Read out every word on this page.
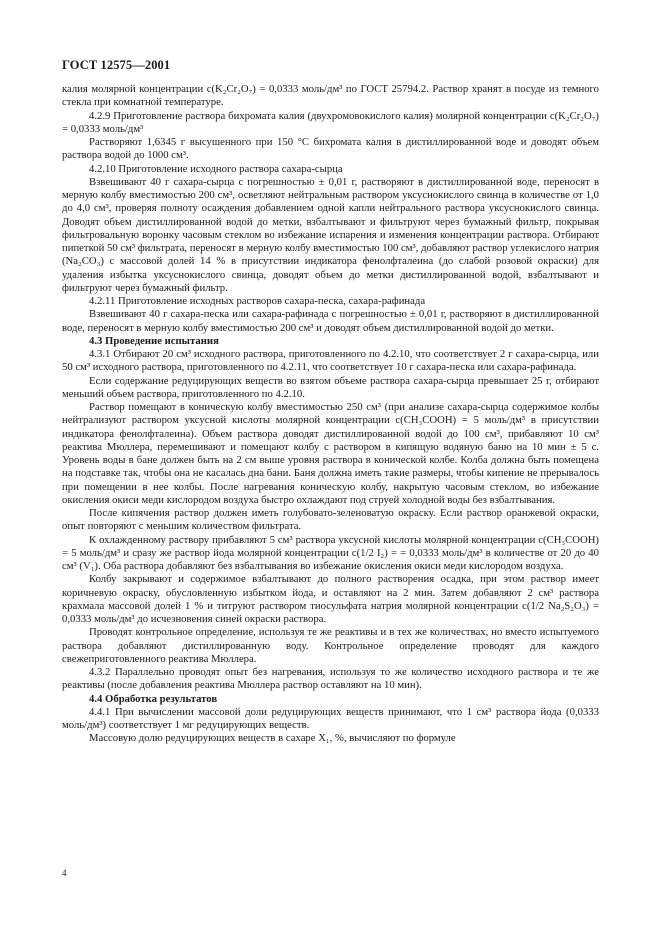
ГОСТ 12575—2001

калия молярной концентрации c(K₂Cr₂O₇) = 0,0333 моль/дм³ по ГОСТ 25794.2. Раствор хранят в посуде из темного стекла при комнатной температуре.

4.2.9 Приготовление раствора бихромата калия (двухромовокислого калия) молярной концентрации c(K₂Cr₂O₇) = 0,0333 моль/дм³

Растворяют 1,6345 г высушенного при 150 °С бихромата калия в дистиллированной воде и доводят объем раствора водой до 1000 см³.

4.2.10 Приготовление исходного раствора сахара-сырца

Взвешивают 40 г сахара-сырца с погрешностью ± 0,01 г, растворяют в дистиллированной воде, переносят в мерную колбу вместимостью 200 см³, осветляют нейтральным раствором уксуснокислого свинца в количестве от 1,0 до 4,0 см³, проверяя полноту осаждения добавлением одной капли нейтрального раствора уксуснокислого свинца. Доводят объем дистиллированной водой до метки, взбалтывают и фильтруют через бумажный фильтр, покрывая фильтровальную воронку часовым стеклом во избежание испарения и изменения концентрации раствора. Отбирают пипеткой 50 см³ фильтрата, переносят в мерную колбу вместимостью 100 см³, добавляют раствор углекислого натрия (Na₂CO₃) с массовой долей 14 % в присутствии индикатора фенолфталеина (до слабой розовой окраски) для удаления избытка уксуснокислого свинца, доводят объем до метки дистиллированной водой, взбалтывают и фильтруют через бумажный фильтр.

4.2.11 Приготовление исходных растворов сахара-песка, сахара-рафинада

Взвешивают 40 г сахара-песка или сахара-рафинада с погрешностью ± 0,01 г, растворяют в дистиллированной воде, переносят в мерную колбу вместимостью 200 см³ и доводят объем дистиллированной водой до метки.

4.3 Проведение испытания

4.3.1 Отбирают 20 см³ исходного раствора, приготовленного по 4.2.10, что соответствует 2 г сахара-сырца, или 50 см³ исходного раствора, приготовленного по 4.2.11, что соответствует 10 г сахара-песка или сахара-рафинада.

Если содержание редуцирующих веществ во взятом объеме раствора сахара-сырца превышает 25 г, отбирают меньший объем раствора, приготовленного по 4.2.10.

Раствор помещают в коническую колбу вместимостью 250 см³ (при анализе сахара-сырца содержимое колбы нейтрализуют раствором уксусной кислоты молярной концентрации c(CH₃COOH) = 5 моль/дм³ в присутствии индикатора фенолфталеина). Объем раствора доводят дистиллированной водой до 100 см³, прибавляют 10 см³ реактива Мюллера, перемешивают и помещают колбу с раствором в кипящую водяную баню на 10 мин ± 5 с. Уровень воды в бане должен быть на 2 см выше уровня раствора в конической колбе. Колба должна быть помещена на подставке так, чтобы она не касалась дна бани. Баня должна иметь такие размеры, чтобы кипение не прерывалось при помещении в нее колбы. После нагревания коническую колбу, накрытую часовым стеклом, во избежание окисления окиси меди кислородом воздуха быстро охлаждают под струей холодной воды без взбалтывания.

После кипячения раствор должен иметь голубовато-зеленоватую окраску. Если раствор оранжевой окраски, опыт повторяют с меньшим количеством фильтрата.

К охлажденному раствору прибавляют 5 см³ раствора уксусной кислоты молярной концентрации c(CH₃COOH) = 5 моль/дм³ и сразу же раствор йода молярной концентрации c(1/2 I₂) = = 0,0333 моль/дм³ в количестве от 20 до 40 см³ (V₁). Оба раствора добавляют без взбалтывания во избежание окисления окиси меди кислородом воздуха.

Колбу закрывают и содержимое взбалтывают до полного растворения осадка, при этом раствор имеет коричневую окраску, обусловленную избытком йода, и оставляют на 2 мин. Затем добавляют 2 см³ раствора крахмала массовой долей 1 % и титруют раствором тиосульфата натрия молярной концентрации c(1/2 Na₂S₂O₃) = 0,0333 моль/дм³ до исчезновения синей окраски раствора.

Проводят контрольное определение, используя те же реактивы и в тех же количествах, но вместо испытуемого раствора добавляют дистиллированную воду. Контрольное определение проводят для каждого свежеприготовленного реактива Мюллера.

4.3.2 Параллельно проводят опыт без нагревания, используя то же количество исходного раствора и те же реактивы (после добавления реактива Мюллера раствор оставляют на 10 мин).

4.4 Обработка результатов

4.4.1 При вычислении массовой доли редуцирующих веществ принимают, что 1 см³ раствора йода (0,0333 моль/дм³) соответствует 1 мг редуцирующих веществ.

Массовую долю редуцирующих веществ в сахаре X₁, %, вычисляют по формуле

4
